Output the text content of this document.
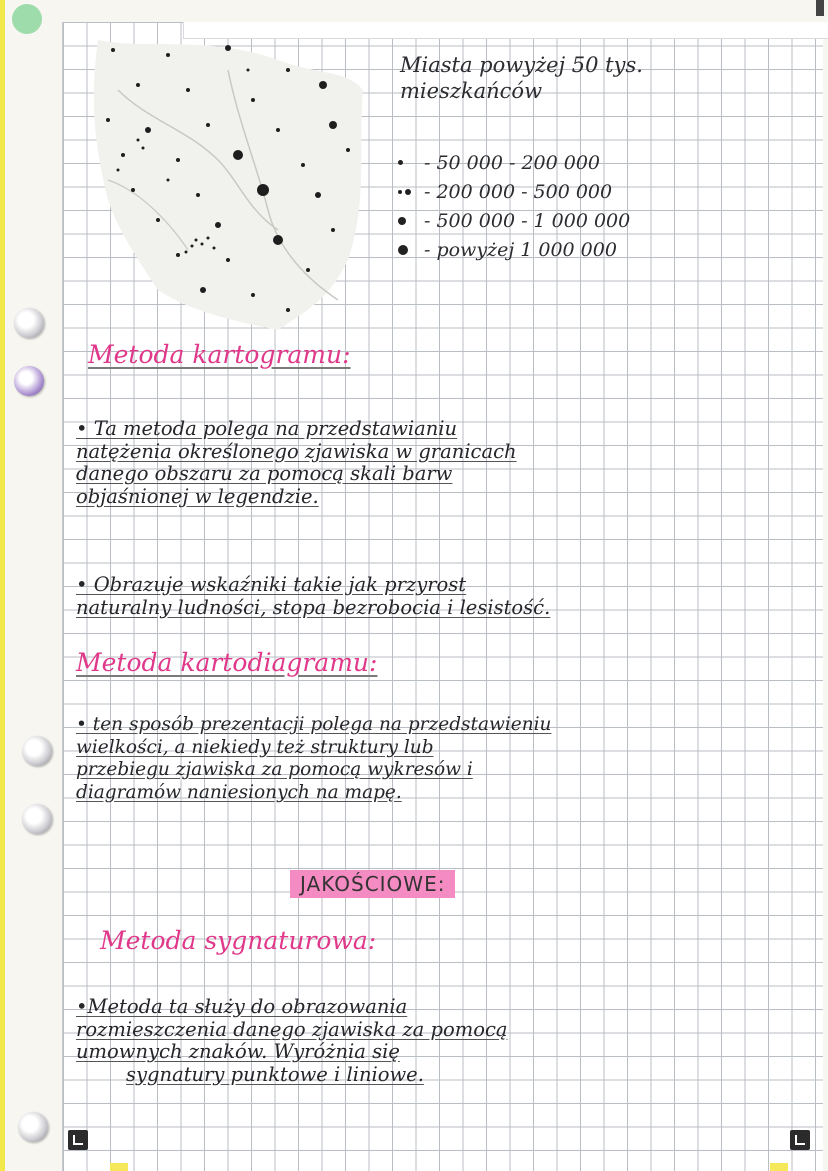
Miasta powyżej 50 tys.
mieszkańców
- 50 000 - 200 000
- 200 000 - 500 000
- 500 000 - 1 000 000
- powyżej 1 000 000
Metoda kartogramu:
• Ta metoda polega na przedstawianiu
natężenia określonego zjawiska w granicach
danego obszaru za pomocą skali barw
objaśnionej w legendzie.
• Obrazuje wskaźniki takie jak przyrost
naturalny ludności, stopa bezrobocia i lesistość.
Metoda kartodiagramu:
• ten sposób prezentacji polega na przedstawieniu
wielkości, a niekiedy też struktury lub
przebiegu zjawiska za pomocą wykresów i
diagramów naniesionych na mapę.
JAKOŚCIOWE:
Metoda sygnaturowa:
•Metoda ta służy do obrazowania
rozmieszczenia danego zjawiska za pomocą
umownych znaków. Wyróżnia się
sygnatury punktowe i liniowe.
